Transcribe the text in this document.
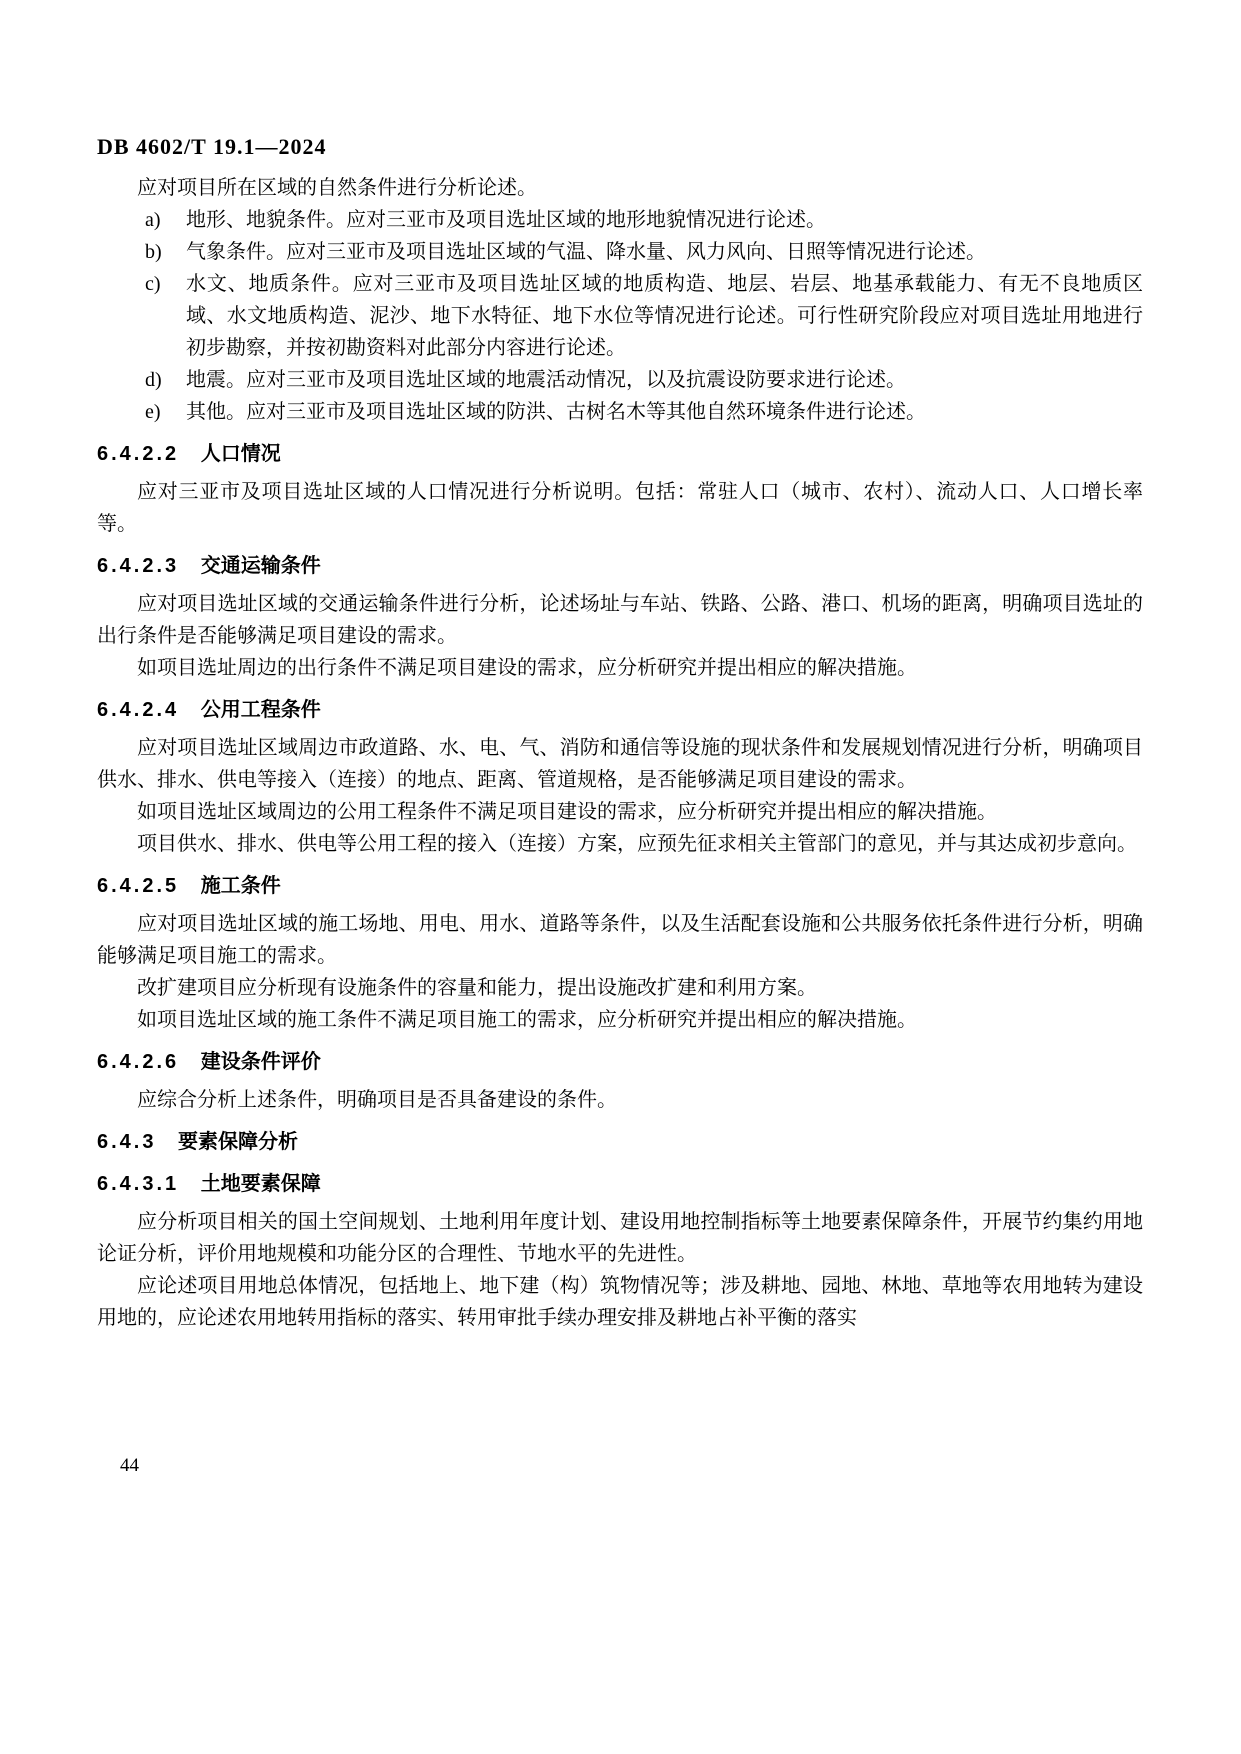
DB 4602/T 19.1—2024

应对项目所在区域的自然条件进行分析论述。

a)	地形、地貌条件。应对三亚市及项目选址区域的地形地貌情况进行论述。
b)	气象条件。应对三亚市及项目选址区域的气温、降水量、风力风向、日照等情况进行论述。
c)	水文、地质条件。应对三亚市及项目选址区域的地质构造、地层、岩层、地基承载能力、有无不良地质区域、水文地质构造、泥沙、地下水特征、地下水位等情况进行论述。可行性研究阶段应对项目选址用地进行初步勘察，并按初勘资料对此部分内容进行论述。
d)	地震。应对三亚市及项目选址区域的地震活动情况，以及抗震设防要求进行论述。
e)	其他。应对三亚市及项目选址区域的防洪、古树名木等其他自然环境条件进行论述。
6.4.2.2 人口情况

应对三亚市及项目选址区域的人口情况进行分析说明。包括：常驻人口（城市、农村）、流动人口、人口增长率等。

6.4.2.3 交通运输条件

应对项目选址区域的交通运输条件进行分析，论述场址与车站、铁路、公路、港口、机场的距离，明确项目选址的出行条件是否能够满足项目建设的需求。

如项目选址周边的出行条件不满足项目建设的需求，应分析研究并提出相应的解决措施。

6.4.2.4 公用工程条件

应对项目选址区域周边市政道路、水、电、气、消防和通信等设施的现状条件和发展规划情况进行分析，明确项目供水、排水、供电等接入（连接）的地点、距离、管道规格，是否能够满足项目建设的需求。

如项目选址区域周边的公用工程条件不满足项目建设的需求，应分析研究并提出相应的解决措施。

项目供水、排水、供电等公用工程的接入（连接）方案，应预先征求相关主管部门的意见，并与其达成初步意向。

6.4.2.5 施工条件

应对项目选址区域的施工场地、用电、用水、道路等条件，以及生活配套设施和公共服务依托条件进行分析，明确能够满足项目施工的需求。

改扩建项目应分析现有设施条件的容量和能力，提出设施改扩建和利用方案。

如项目选址区域的施工条件不满足项目施工的需求，应分析研究并提出相应的解决措施。

6.4.2.6 建设条件评价

应综合分析上述条件，明确项目是否具备建设的条件。

6.4.3 要素保障分析
6.4.3.1 土地要素保障

应分析项目相关的国土空间规划、土地利用年度计划、建设用地控制指标等土地要素保障条件，开展节约集约用地论证分析，评价用地规模和功能分区的合理性、节地水平的先进性。

应论述项目用地总体情况，包括地上、地下建（构）筑物情况等；涉及耕地、园地、林地、草地等农用地转为建设用地的，应论述农用地转用指标的落实、转用审批手续办理安排及耕地占补平衡的落实

44
